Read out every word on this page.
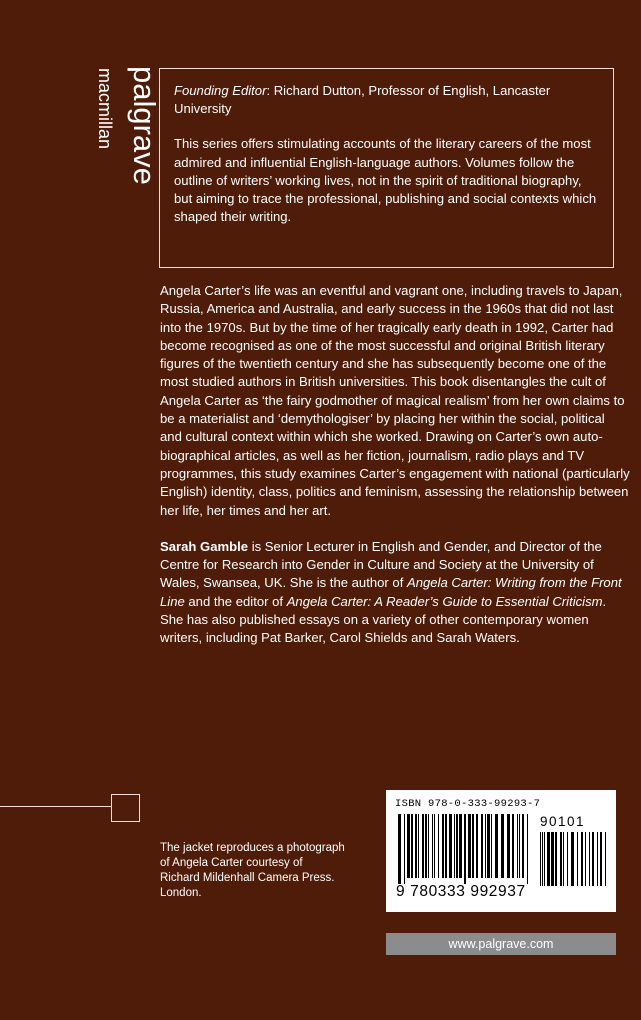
palgrave
macmillan	Founding Editor: Richard Dutton, Professor of English, Lancaster University

This series offers stimulating accounts of the literary careers of the most admired and influential English-language authors. Volumes follow the outline of writers’ working lives, not in the spirit of traditional biography, but aiming to trace the professional, publishing and social contexts which shaped their writing.

Angela Carter’s life was an eventful and vagrant one, including travels to Japan, Russia, America and Australia, and early success in the 1960s that did not last into the 1970s. But by the time of her tragically early death in 1992, Carter had become recognised as one of the most successful and original British literary figures of the twentieth century and she has subsequently become one of the most studied authors in British universities. This book disentangles the cult of Angela Carter as ‘the fairy godmother of magical realism’ from her own claims to be a materialist and ‘demythologiser’ by placing her within the social, political and cultural context within which she worked. Drawing on Carter’s own auto-biographical articles, as well as her fiction, journalism, radio plays and TV programmes, this study examines Carter’s engagement with national (particularly English) identity, class, politics and feminism, assessing the relationship between her life, her times and her art.

Sarah Gamble is Senior Lecturer in English and Gender, and Director of the Centre for Research into Gender in Culture and Society at the University of Wales, Swansea, UK. She is the author of Angela Carter: Writing from the Front Line and the editor of Angela Carter: A Reader’s Guide to Essential Criticism. She has also published essays on a variety of other contemporary women writers, including Pat Barker, Carol Shields and Sarah Waters.

The jacket reproduces a photograph
of Angela Carter courtesy of
Richard Mildenhall Camera Press.
London.
ISBN 978-0-333-99293-7
90101
9 780333 992937
www.palgrave.com
